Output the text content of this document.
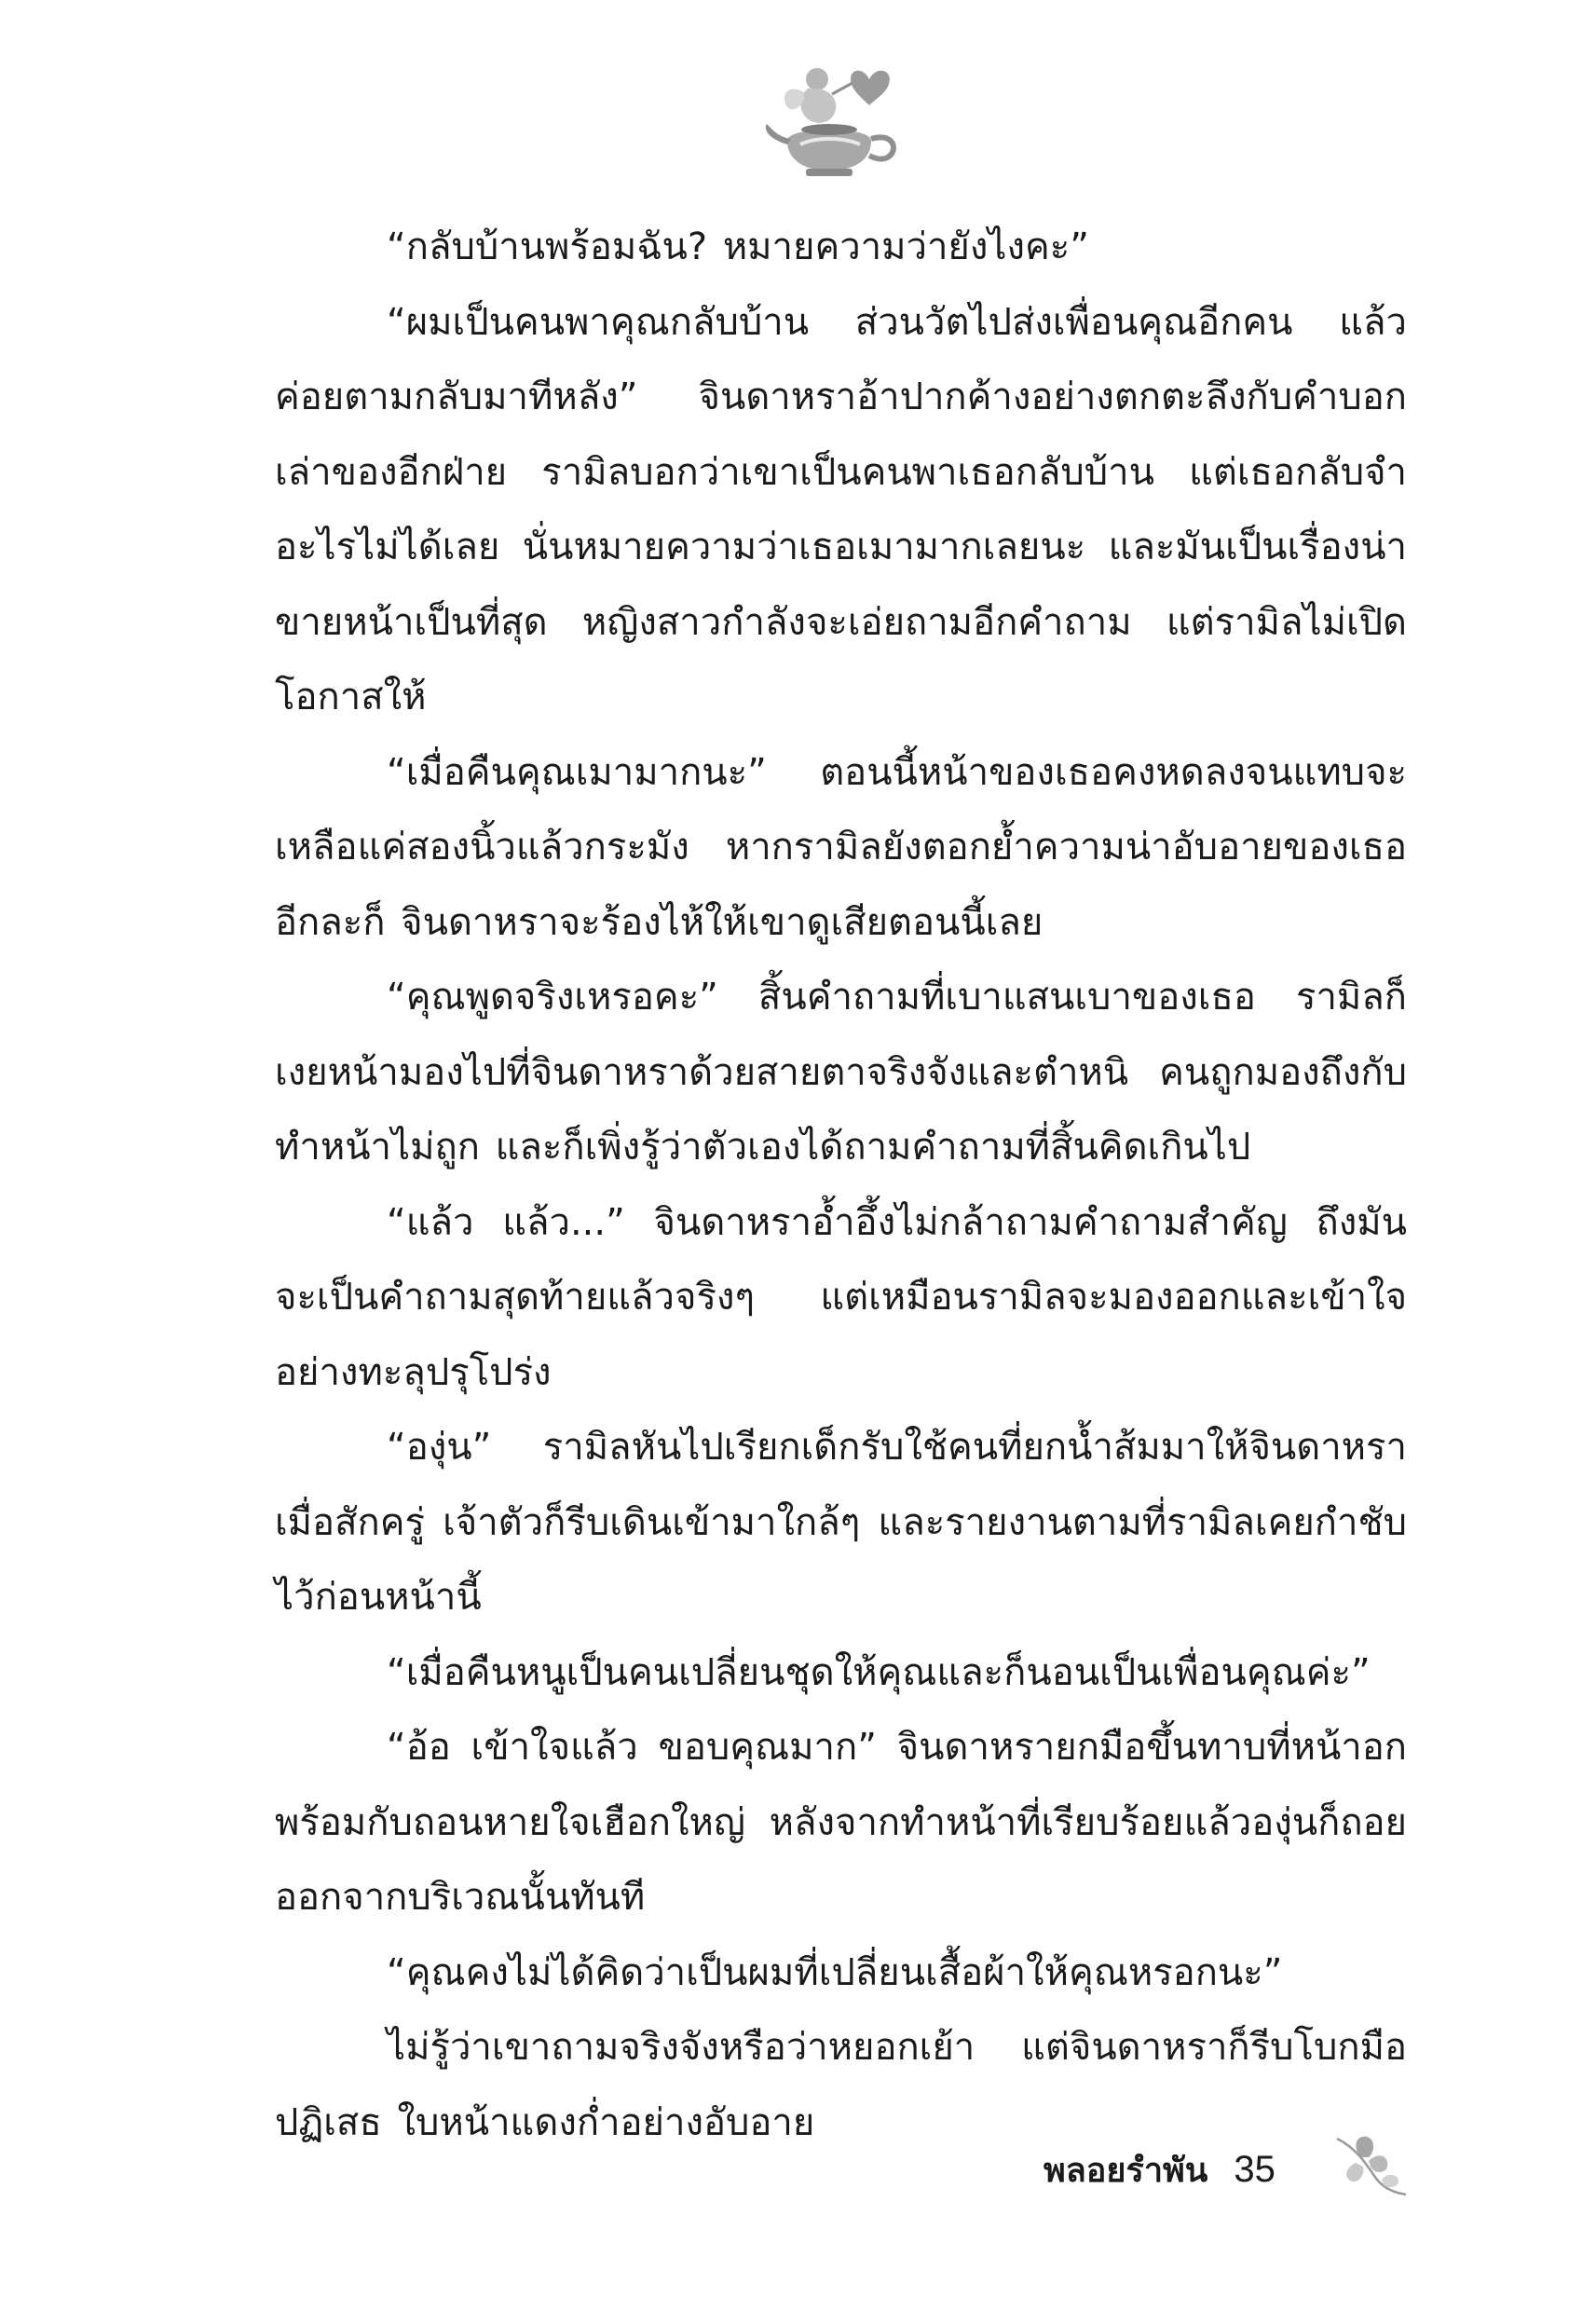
“กลับบ้านพร้อมฉัน? หมายความว่ายังไงคะ”

“ผมเป็นคนพาคุณกลับบ้าน ส่วนวัตไปส่งเพื่อนคุณอีกคน แล้วค่อยตามกลับมาทีหลัง” จินดาหราอ้าปากค้างอย่างตกตะลึงกับคำบอกเล่าของอีกฝ่าย รามิลบอกว่าเขาเป็นคนพาเธอกลับบ้าน แต่เธอกลับจำอะไรไม่ได้เลย นั่นหมายความว่าเธอเมามากเลยนะ และมันเป็นเรื่องน่าขายหน้าเป็นที่สุด หญิงสาวกำลังจะเอ่ยถามอีกคำถาม แต่รามิลไม่เปิดโอกาสให้

“เมื่อคืนคุณเมามากนะ” ตอนนี้หน้าของเธอคงหดลงจนแทบจะเหลือแค่สองนิ้วแล้วกระมัง หากรามิลยังตอกย้ำความน่าอับอายของเธออีกละก็ จินดาหราจะร้องไห้ให้เขาดูเสียตอนนี้เลย

“คุณพูดจริงเหรอคะ” สิ้นคำถามที่เบาแสนเบาของเธอ รามิลก็เงยหน้ามองไปที่จินดาหราด้วยสายตาจริงจังและตำหนิ คนถูกมองถึงกับทำหน้าไม่ถูก และก็เพิ่งรู้ว่าตัวเองได้ถามคำถามที่สิ้นคิดเกินไป

“แล้ว แล้ว...” จินดาหราอ้ำอึ้งไม่กล้าถามคำถามสำคัญ ถึงมันจะเป็นคำถามสุดท้ายแล้วจริงๆ แต่เหมือนรามิลจะมองออกและเข้าใจอย่างทะลุปรุโปร่ง

“องุ่น” รามิลหันไปเรียกเด็กรับใช้คนที่ยกน้ำส้มมาให้จินดาหราเมื่อสักครู่ เจ้าตัวก็รีบเดินเข้ามาใกล้ๆ และรายงานตามที่รามิลเคยกำชับไว้ก่อนหน้านี้

“เมื่อคืนหนูเป็นคนเปลี่ยนชุดให้คุณและก็นอนเป็นเพื่อนคุณค่ะ”

“อ้อ เข้าใจแล้ว ขอบคุณมาก” จินดาหรายกมือขึ้นทาบที่หน้าอกพร้อมกับถอนหายใจเฮือกใหญ่ หลังจากทำหน้าที่เรียบร้อยแล้วองุ่นก็ถอยออกจากบริเวณนั้นทันที

“คุณคงไม่ได้คิดว่าเป็นผมที่เปลี่ยนเสื้อผ้าให้คุณหรอกนะ”

ไม่รู้ว่าเขาถามจริงจังหรือว่าหยอกเย้า แต่จินดาหราก็รีบโบกมือปฏิเสธ ใบหน้าแดงก่ำอย่างอับอาย

พลอยรำพัน 35
